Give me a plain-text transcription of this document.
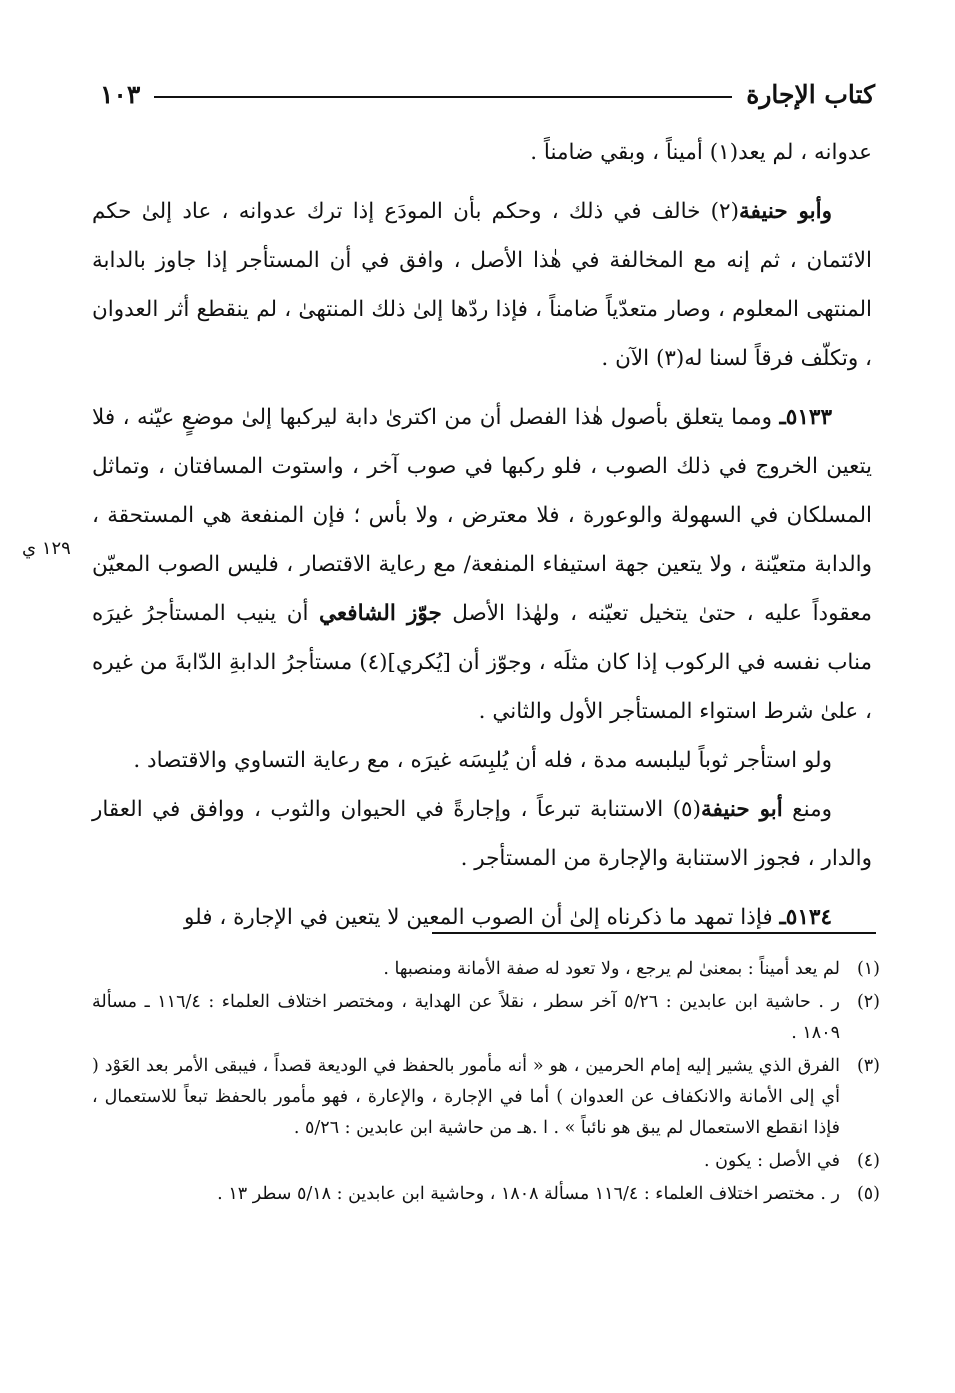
كتاب الإجارة
١٠٣
١٢٩ ي

عدوانه ، لم يعد(١) أميناً ، وبقي ضامناً .

وأبو حنيفة(٢) خالف في ذلك ، وحكم بأن المودَع إذا ترك عدوانه ، عاد إلىٰ حكم الائتمان ، ثم إنه مع المخالفة في هٰذا الأصل ، وافق في أن المستأجر إذا جاوز بالدابة المنتهى المعلوم ، وصار متعدّياً ضامناً ، فإذا ردّها إلىٰ ذلك المنتهىٰ ، لم ينقطع أثر العدوان ، وتكلّف فرقاً لسنا له(٣) الآن .

٥١٣٣ـ ومما يتعلق بأصول هٰذا الفصل أن من اكترىٰ دابة ليركبها إلىٰ موضعٍ عيّنه ، فلا يتعين الخروج في ذلك الصوب ، فلو ركبها في صوب آخر ، واستوت المسافتان ، وتماثل المسلكان في السهولة والوعورة ، فلا معترض ، ولا بأس ؛ فإن المنفعة هي المستحقة ، والدابة متعيّنة ، ولا يتعين جهة استيفاء المنفعة/ مع رعاية الاقتصار ، فليس الصوب المعيّن معقوداً عليه ، حتىٰ يتخيل تعيّنه ، ولهٰذا الأصل جوّز الشافعي أن ينيب المستأجرُ غيرَه مناب نفسه في الركوب إذا كان مثلَه ، وجوّز أن [يُكري](٤) مستأجرُ الدابةِ الدّابةَ من غيره ، علىٰ شرط استواء المستأجر الأول والثاني .

ولو استأجر ثوباً ليلبسه مدة ، فله أن يُلبِسَه غيرَه ، مع رعاية التساوي والاقتصاد .

ومنع أبو حنيفة(٥) الاستنابة تبرعاً ، وإجارةً في الحيوان والثوب ، ووافق في العقار والدار ، فجوز الاستنابة والإجارة من المستأجر .

٥١٣٤ـ فإذا تمهد ما ذكرناه إلىٰ أن الصوب المعين لا يتعين في الإجارة ، فلو

(١)
لم يعد أميناً : بمعنىٰ لم يرجع ، ولا تعود له صفة الأمانة ومنصبها .
(٢)
ر . حاشية ابن عابدين : ٥/٢٦ آخر سطر ، نقلاً عن الهداية ، ومختصر اختلاف العلماء : ١١٦/٤ ـ مسألة ١٨٠٩ .
(٣)
الفرق الذي يشير إليه إمام الحرمين ، هو « أنه مأمور بالحفظ في الوديعة قصداً ، فيبقى الأمر بعد العَوْد ( أي إلى الأمانة والانكفاف عن العدوان ) أما في الإجارة ، والإعارة ، فهو مأمور بالحفظ تبعاً للاستعمال ، فإذا انقطع الاستعمال لم يبق هو نائباً » . ا .هـ من حاشية ابن عابدين : ٥/٢٦ .
(٤)
في الأصل : يكون .
(٥)
ر . مختصر اختلاف العلماء : ١١٦/٤ مسألة ١٨٠٨ ، وحاشية ابن عابدين : ٥/١٨ سطر ١٣ .
